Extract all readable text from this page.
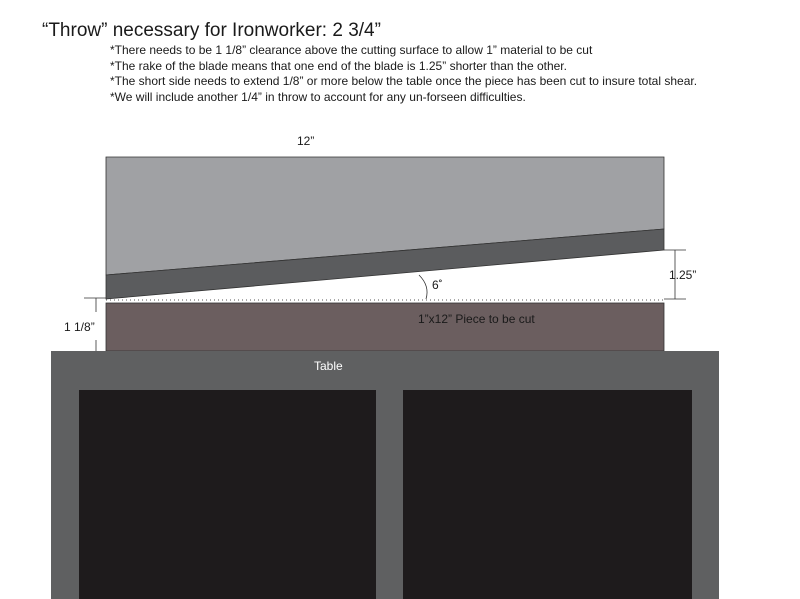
“Throw” necessary for Ironworker: 2 3/4”
*There needs to be 1 1/8” clearance above the cutting surface to allow 1” material to be cut
*The rake of the blade means that one end of the blade is 1.25” shorter than the other.
*The short side needs to extend 1/8” or more below the table once the piece has been cut to insure total shear.
*We will include another 1/4” in throw to account for any un-forseen difficulties.
12”
1.25”
6˚
1 1/8”
1”x12” Piece to be cut
Table
